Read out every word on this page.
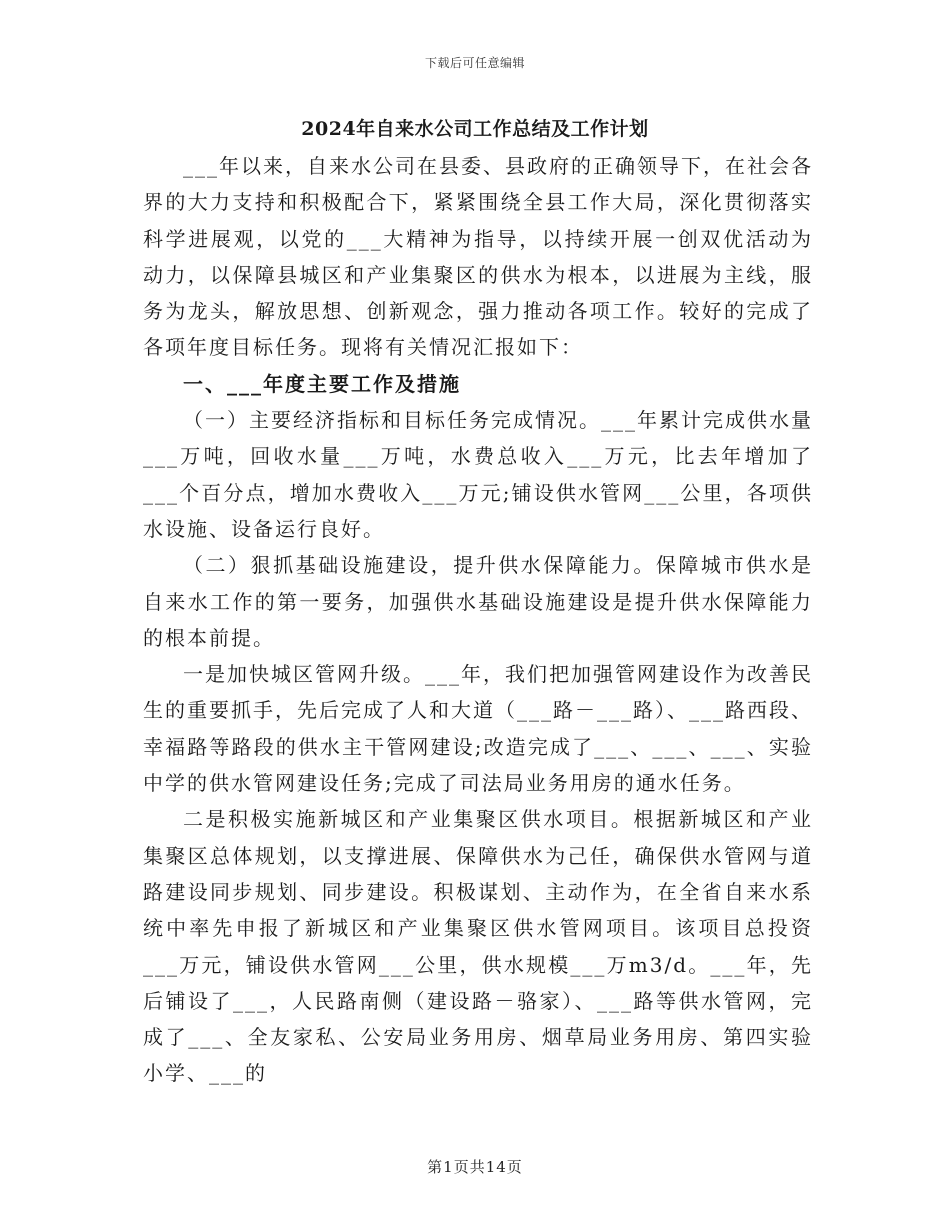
下载后可任意编辑
2024年自来水公司工作总结及工作计划

___年以来，自来水公司在县委、县政府的正确领导下，在社会各界的大力支持和积极配合下，紧紧围绕全县工作大局，深化贯彻落实科学进展观，以党的___大精神为指导，以持续开展一创双优活动为动力，以保障县城区和产业集聚区的供水为根本，以进展为主线，服务为龙头，解放思想、创新观念，强力推动各项工作。较好的完成了各项年度目标任务。现将有关情况汇报如下：

一、___年度主要工作及措施

（一）主要经济指标和目标任务完成情况。___年累计完成供水量___万吨，回收水量___万吨，水费总收入___万元，比去年增加了___个百分点，增加水费收入___万元;铺设供水管网___公里，各项供水设施、设备运行良好。

（二）狠抓基础设施建设，提升供水保障能力。保障城市供水是自来水工作的第一要务，加强供水基础设施建设是提升供水保障能力的根本前提。

一是加快城区管网升级。___年，我们把加强管网建设作为改善民生的重要抓手，先后完成了人和大道（___路－___路）、___路西段、幸福路等路段的供水主干管网建设;改造完成了___、___、___、实验中学的供水管网建设任务;完成了司法局业务用房的通水任务。

二是积极实施新城区和产业集聚区供水项目。根据新城区和产业集聚区总体规划，以支撑进展、保障供水为己任，确保供水管网与道路建设同步规划、同步建设。积极谋划、主动作为，在全省自来水系统中率先申报了新城区和产业集聚区供水管网项目。该项目总投资___万元，铺设供水管网___公里，供水规模___万m3/d。___年，先后铺设了___，人民路南侧（建设路－骆家）、___路等供水管网，完成了___、全友家私、公安局业务用房、烟草局业务用房、第四实验小学、___的

第1页共14页
